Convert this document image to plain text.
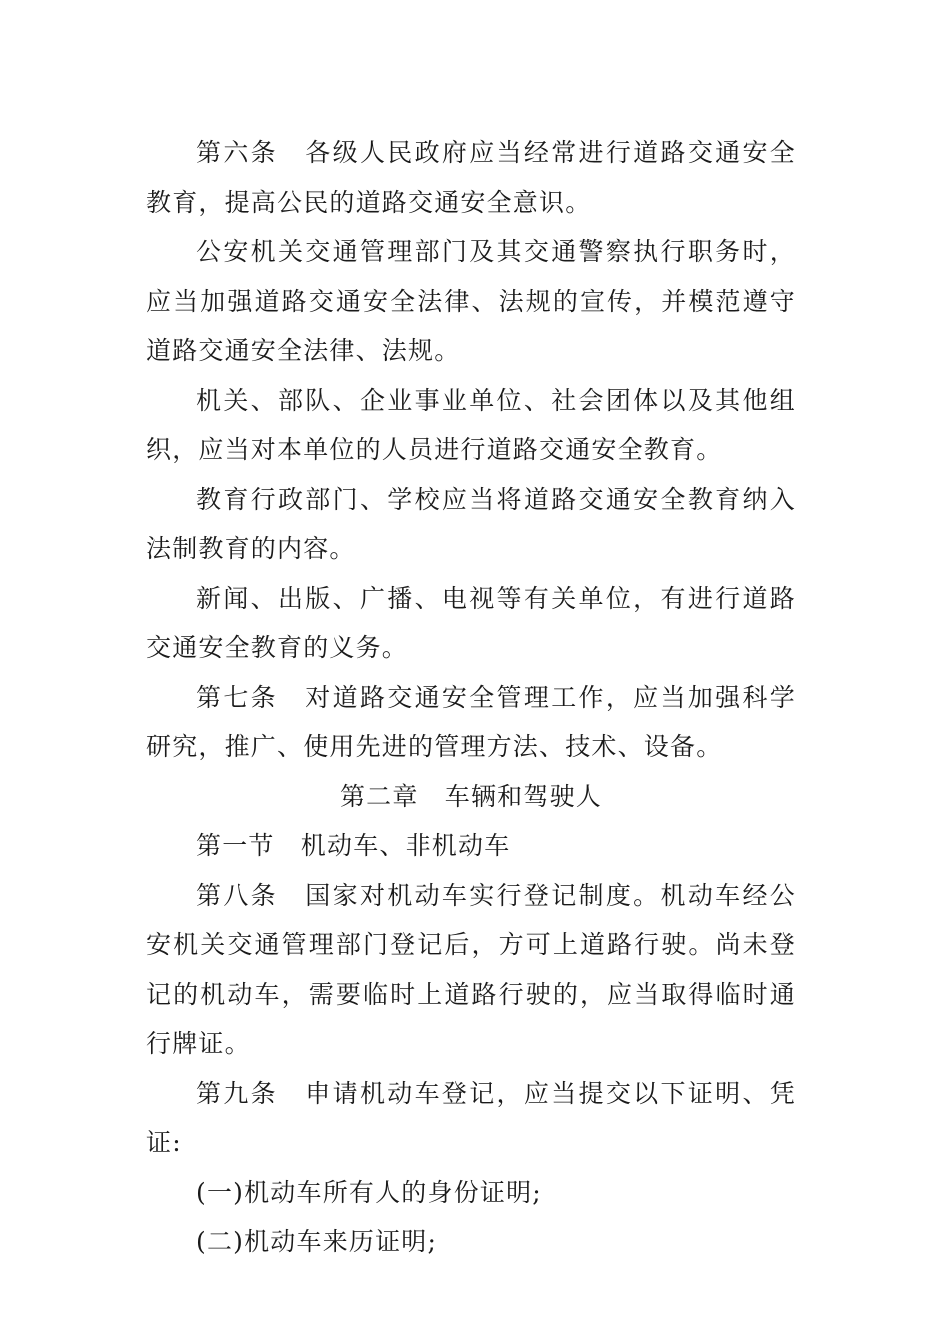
第六条　各级人民政府应当经常进行道路交通安全教育，提高公民的道路交通安全意识。

公安机关交通管理部门及其交通警察执行职务时，应当加强道路交通安全法律、法规的宣传，并模范遵守道路交通安全法律、法规。

机关、部队、企业事业单位、社会团体以及其他组织，应当对本单位的人员进行道路交通安全教育。

教育行政部门、学校应当将道路交通安全教育纳入法制教育的内容。

新闻、出版、广播、电视等有关单位，有进行道路交通安全教育的义务。

第七条　对道路交通安全管理工作，应当加强科学研究，推广、使用先进的管理方法、技术、设备。

第二章　车辆和驾驶人

第一节　机动车、非机动车

第八条　国家对机动车实行登记制度。机动车经公安机关交通管理部门登记后，方可上道路行驶。尚未登记的机动车，需要临时上道路行驶的，应当取得临时通行牌证。

第九条　申请机动车登记，应当提交以下证明、凭证:

(一)机动车所有人的身份证明;

(二)机动车来历证明;
